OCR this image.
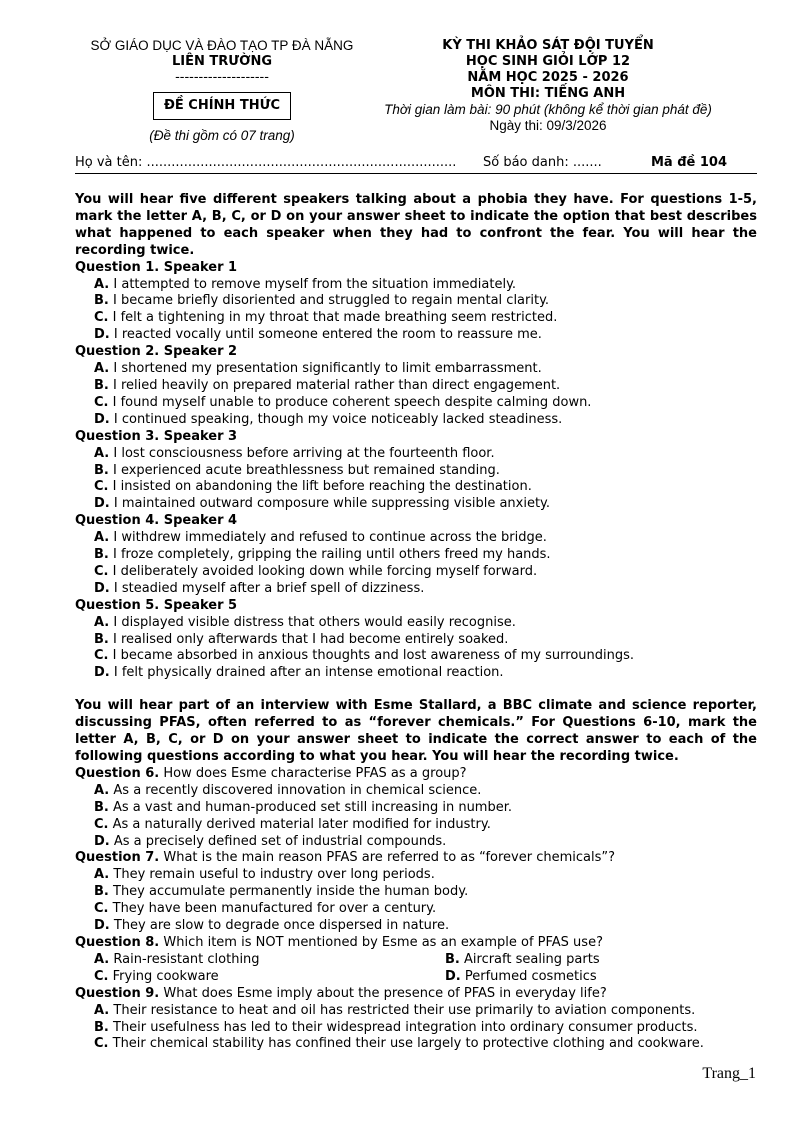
SỞ GIÁO DỤC VÀ ĐÀO TẠO TP ĐÀ NẴNG
LIÊN TRƯỜNG
--------------------
ĐỀ CHÍNH THỨC
(Đề thi gồm có 07 trang)
KỲ THI KHẢO SÁT ĐỘI TUYỂN
HỌC SINH GIỎI LỚP 12
NĂM HỌC 2025 - 2026
MÔN THI: TIẾNG ANH
Thời gian làm bài: 90 phút (không kể thời gian phát đề)
Ngày thi: 09/3/2026
Họ và tên: ........................................................................... Số báo danh: .......	Mã đề 104

You will hear five different speakers talking about a phobia they have. For questions 1-5, mark the letter A, B, C, or D on your answer sheet to indicate the option that best describes what happened to each speaker when they had to confront the fear. You will hear the recording twice.

Question 1. Speaker 1

A. I attempted to remove myself from the situation immediately.

B. I became briefly disoriented and struggled to regain mental clarity.

C. I felt a tightening in my throat that made breathing seem restricted.

D. I reacted vocally until someone entered the room to reassure me.

Question 2. Speaker 2

A. I shortened my presentation significantly to limit embarrassment.

B. I relied heavily on prepared material rather than direct engagement.

C. I found myself unable to produce coherent speech despite calming down.

D. I continued speaking, though my voice noticeably lacked steadiness.

Question 3. Speaker 3

A. I lost consciousness before arriving at the fourteenth floor.

B. I experienced acute breathlessness but remained standing.

C. I insisted on abandoning the lift before reaching the destination.

D. I maintained outward composure while suppressing visible anxiety.

Question 4. Speaker 4

A. I withdrew immediately and refused to continue across the bridge.

B. I froze completely, gripping the railing until others freed my hands.

C. I deliberately avoided looking down while forcing myself forward.

D. I steadied myself after a brief spell of dizziness.

Question 5. Speaker 5

A. I displayed visible distress that others would easily recognise.

B. I realised only afterwards that I had become entirely soaked.

C. I became absorbed in anxious thoughts and lost awareness of my surroundings.

D. I felt physically drained after an intense emotional reaction.

You will hear part of an interview with Esme Stallard, a BBC climate and science reporter, discussing PFAS, often referred to as “forever chemicals.” For Questions 6-10, mark the letter A, B, C, or D on your answer sheet to indicate the correct answer to each of the following questions according to what you hear. You will hear the recording twice.

Question 6. How does Esme characterise PFAS as a group?

A. As a recently discovered innovation in chemical science.

B. As a vast and human-produced set still increasing in number.

C. As a naturally derived material later modified for industry.

D. As a precisely defined set of industrial compounds.

Question 7. What is the main reason PFAS are referred to as “forever chemicals”?

A. They remain useful to industry over long periods.

B. They accumulate permanently inside the human body.

C. They have been manufactured for over a century.

D. They are slow to degrade once dispersed in nature.

Question 8. Which item is NOT mentioned by Esme as an example of PFAS use?

A. Rain-resistant clothing	B. Aircraft sealing parts
C. Frying cookware	D. Perfumed cosmetics

Question 9. What does Esme imply about the presence of PFAS in everyday life?

A. Their resistance to heat and oil has restricted their use primarily to aviation components.

B. Their usefulness has led to their widespread integration into ordinary consumer products.

C. Their chemical stability has confined their use largely to protective clothing and cookware.

Trang_1
